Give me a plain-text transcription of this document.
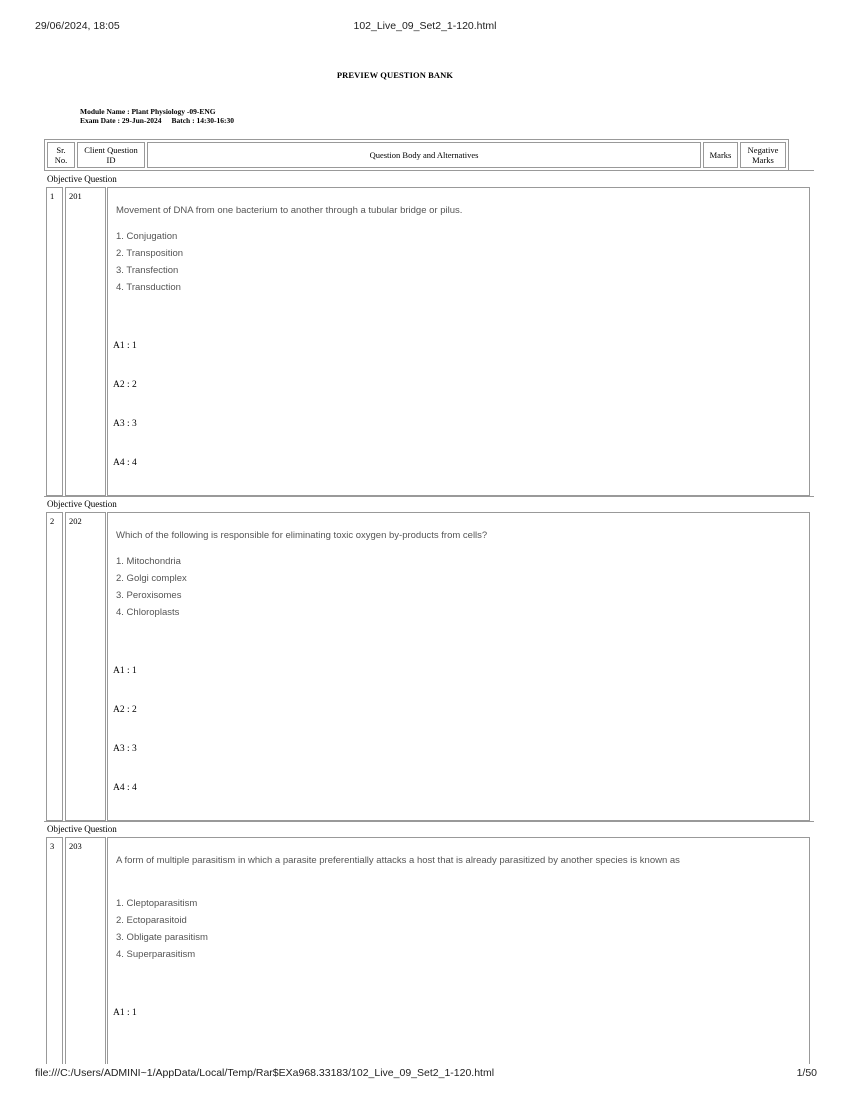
29/06/2024, 18:05	102_Live_09_Set2_1-120.html
PREVIEW QUESTION BANK
Module Name : Plant Physiology -09-ENG
Exam Date : 29-Jun-2024 Batch : 14:30-16:30
Sr. No.	Client Question ID	Question Body and Alternatives	Marks	Negative Marks
Objective Question
1 201
Movement of DNA from one bacterium to another through a tubular bridge or pilus.
1. Conjugation
2. Transposition
3. Transfection
4. Transduction
A1 : 1
A2 : 2
A3 : 3
A4 : 4
Objective Question
2 202
Which of the following is responsible for eliminating toxic oxygen by-products from cells?
1. Mitochondria
2. Golgi complex
3. Peroxisomes
4. Chloroplasts
A1 : 1
A2 : 2
A3 : 3
A4 : 4
Objective Question
3 203
A form of multiple parasitism in which a parasite preferentially attacks a host that is already parasitized by another species is known as
1. Cleptoparasitism
2. Ectoparasitoid
3. Obligate parasitism
4. Superparasitism
A1 : 1
file:///C:/Users/ADMINI~1/AppData/Local/Temp/Rar$EXa968.33183/102_Live_09_Set2_1-120.html	1/50
